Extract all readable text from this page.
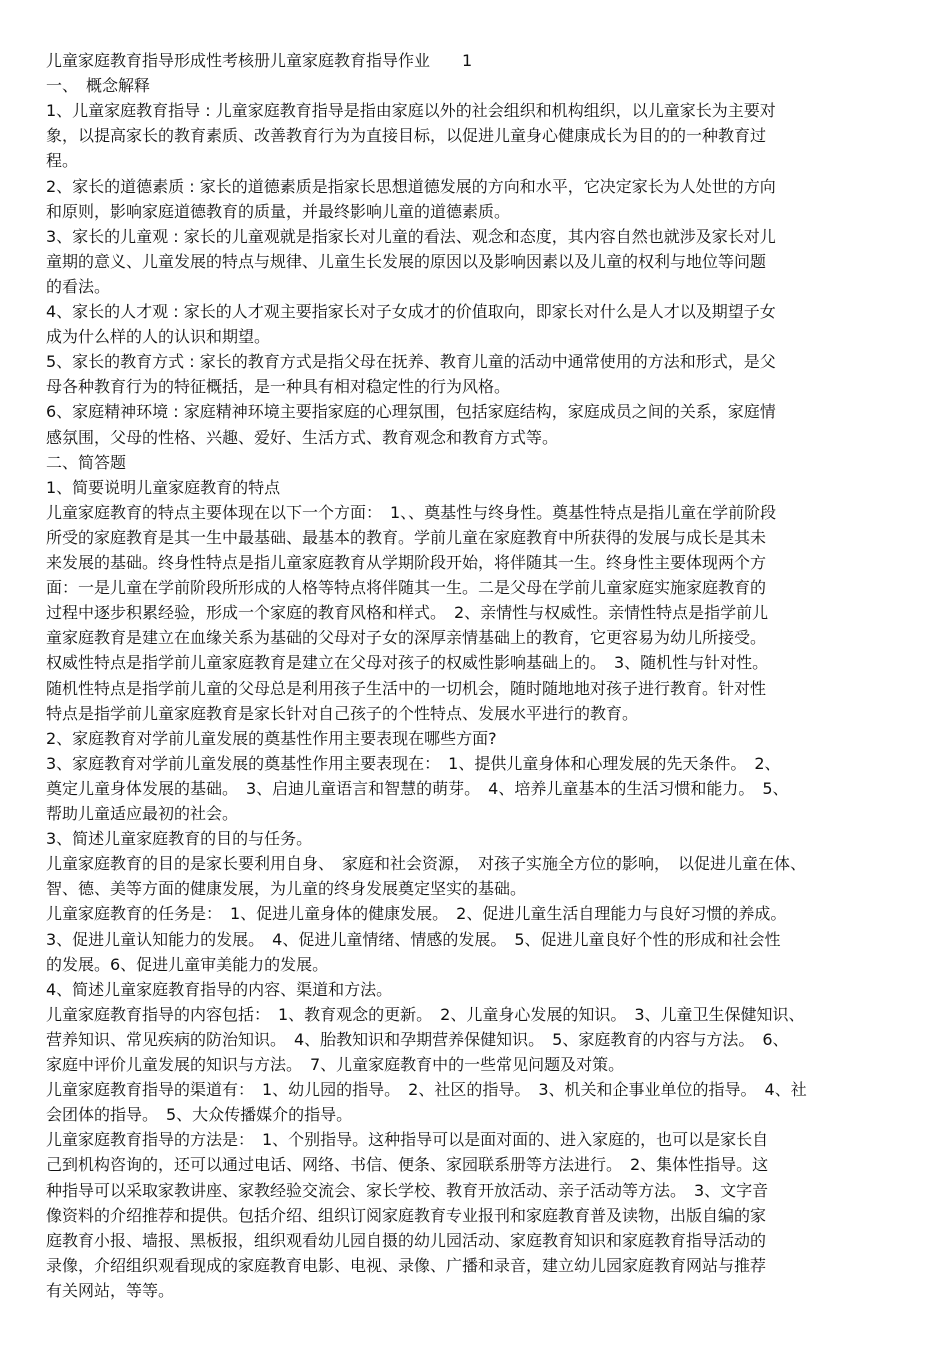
儿童家庭教育指导形成性考核册儿童家庭教育指导作业　　1
一、　概念解释
1、儿童家庭教育指导 : 儿童家庭教育指导是指由家庭以外的社会组织和机构组织，以儿童家长为主要对
象，以提高家长的教育素质、改善教育行为为直接目标，以促进儿童身心健康成长为目的的一种教育过
程。
2、家长的道德素质 : 家长的道德素质是指家长思想道德发展的方向和水平，它决定家长为人处世的方向
和原则，影响家庭道德教育的质量，并最终影响儿童的道德素质。
3、家长的儿童观 : 家长的儿童观就是指家长对儿童的看法、观念和态度，其内容自然也就涉及家长对儿
童期的意义、儿童发展的特点与规律、儿童生长发展的原因以及影响因素以及儿童的权利与地位等问题
的看法。
4、家长的人才观 : 家长的人才观主要指家长对子女成才的价值取向，即家长对什么是人才以及期望子女
成为什么样的人的认识和期望。
5、家长的教育方式 : 家长的教育方式是指父母在抚养、教育儿童的活动中通常使用的方法和形式，是父
母各种教育行为的特征概括，是一种具有相对稳定性的行为风格。
6、家庭精神环境 : 家庭精神环境主要指家庭的心理氛围，包括家庭结构，家庭成员之间的关系，家庭情
感氛围，父母的性格、兴趣、爱好、生活方式、教育观念和教育方式等。
二、简答题
1、简要说明儿童家庭教育的特点
儿童家庭教育的特点主要体现在以下一个方面：　1、、奠基性与终身性。奠基性特点是指儿童在学前阶段
所受的家庭教育是其一生中最基础、最基本的教育。学前儿童在家庭教育中所获得的发展与成长是其未
来发展的基础。终身性特点是指儿童家庭教育从学期阶段开始，将伴随其一生。终身性主要体现两个方
面：一是儿童在学前阶段所形成的人格等特点将伴随其一生。二是父母在学前儿童家庭实施家庭教育的
过程中逐步积累经验，形成一个家庭的教育风格和样式。　2、亲情性与权威性。亲情性特点是指学前儿
童家庭教育是建立在血缘关系为基础的父母对子女的深厚亲情基础上的教育，它更容易为幼儿所接受。
权威性特点是指学前儿童家庭教育是建立在父母对孩子的权威性影响基础上的。　3、随机性与针对性。
随机性特点是指学前儿童的父母总是利用孩子生活中的一切机会，随时随地地对孩子进行教育。针对性
特点是指学前儿童家庭教育是家长针对自己孩子的个性特点、发展水平进行的教育。
2、家庭教育对学前儿童发展的奠基性作用主要表现在哪些方面?
3、家庭教育对学前儿童发展的奠基性作用主要表现在：　1、提供儿童身体和心理发展的先天条件。　2、
奠定儿童身体发展的基础。　3、启迪儿童语言和智慧的萌芽。　4、培养儿童基本的生活习惯和能力。　5、
帮助儿童适应最初的社会。
3、简述儿童家庭教育的目的与任务。
儿童家庭教育的目的是家长要利用自身、　家庭和社会资源，　对孩子实施全方位的影响，　以促进儿童在体、
智、德、美等方面的健康发展，为儿童的终身发展奠定坚实的基础。
儿童家庭教育的任务是：　1、促进儿童身体的健康发展。　2、促进儿童生活自理能力与良好习惯的养成。
3、促进儿童认知能力的发展。　4、促进儿童情绪、情感的发展。　5、促进儿童良好个性的形成和社会性
的发展。6、促进儿童审美能力的发展。
4、简述儿童家庭教育指导的内容、渠道和方法。
儿童家庭教育指导的内容包括：　1、教育观念的更新。　2、儿童身心发展的知识。　3、儿童卫生保健知识、
营养知识、常见疾病的防治知识。　4、胎教知识和孕期营养保健知识。　5、家庭教育的内容与方法。　6、
家庭中评价儿童发展的知识与方法。　7、儿童家庭教育中的一些常见问题及对策。
儿童家庭教育指导的渠道有：　1、幼儿园的指导。　2、社区的指导。　3、机关和企事业单位的指导。　4、社
会团体的指导。　5、大众传播媒介的指导。
儿童家庭教育指导的方法是：　1、个别指导。这种指导可以是面对面的、进入家庭的，也可以是家长自
己到机构咨询的，还可以通过电话、网络、书信、便条、家园联系册等方法进行。　2、集体性指导。这
种指导可以采取家教讲座、家教经验交流会、家长学校、教育开放活动、亲子活动等方法。　3、文字音
像资料的介绍推荐和提供。包括介绍、组织订阅家庭教育专业报刊和家庭教育普及读物，出版自编的家
庭教育小报、墙报、黑板报，组织观看幼儿园自摄的幼儿园活动、家庭教育知识和家庭教育指导活动的
录像，介绍组织观看现成的家庭教育电影、电视、录像、广播和录音，建立幼儿园家庭教育网站与推荐
有关网站，等等。
